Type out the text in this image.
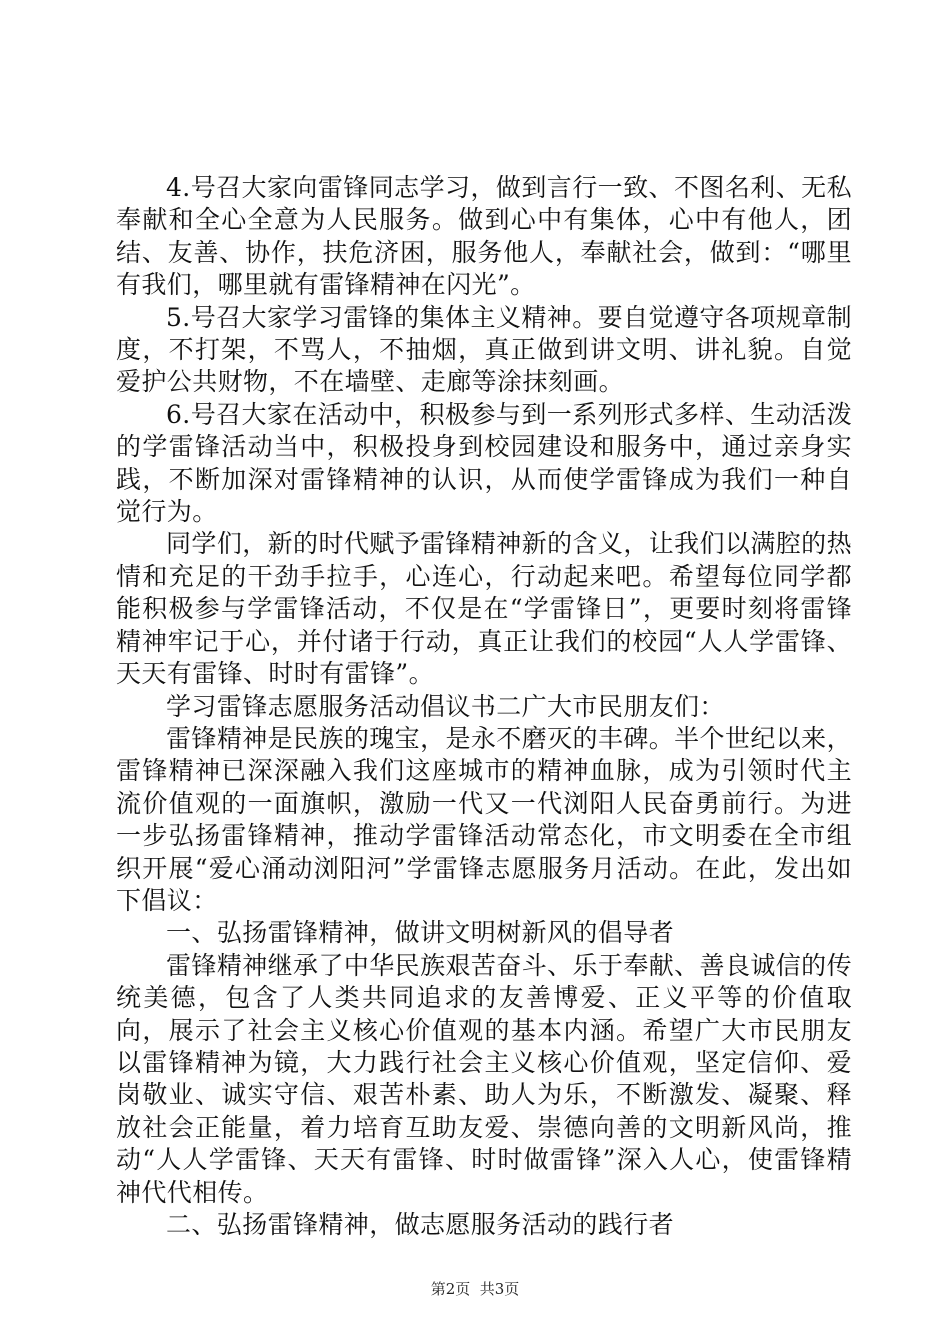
4.号召大家向雷锋同志学习，做到言行一致、不图名利、无私奉献和全心全意为人民服务。做到心中有集体，心中有他人，团结、友善、协作，扶危济困，服务他人，奉献社会，做到：“哪里有我们，哪里就有雷锋精神在闪光”。

5.号召大家学习雷锋的集体主义精神。要自觉遵守各项规章制度，不打架，不骂人，不抽烟，真正做到讲文明、讲礼貌。自觉爱护公共财物，不在墙壁、走廊等涂抹刻画。

6.号召大家在活动中，积极参与到一系列形式多样、生动活泼的学雷锋活动当中，积极投身到校园建设和服务中，通过亲身实践，不断加深对雷锋精神的认识，从而使学雷锋成为我们一种自觉行为。

同学们，新的时代赋予雷锋精神新的含义，让我们以满腔的热情和充足的干劲手拉手，心连心，行动起来吧。希望每位同学都能积极参与学雷锋活动，不仅是在“学雷锋日”，更要时刻将雷锋精神牢记于心，并付诸于行动，真正让我们的校园“人人学雷锋、天天有雷锋、时时有雷锋”。

学习雷锋志愿服务活动倡议书二广大市民朋友们：

雷锋精神是民族的瑰宝，是永不磨灭的丰碑。半个世纪以来，雷锋精神已深深融入我们这座城市的精神血脉，成为引领时代主流价值观的一面旗帜，激励一代又一代浏阳人民奋勇前行。为进一步弘扬雷锋精神，推动学雷锋活动常态化，市文明委在全市组织开展“爱心涌动浏阳河”学雷锋志愿服务月活动。在此，发出如下倡议：

一、弘扬雷锋精神，做讲文明树新风的倡导者

雷锋精神继承了中华民族艰苦奋斗、乐于奉献、善良诚信的传统美德，包含了人类共同追求的友善博爱、正义平等的价值取向，展示了社会主义核心价值观的基本内涵。希望广大市民朋友以雷锋精神为镜，大力践行社会主义核心价值观，坚定信仰、爱岗敬业、诚实守信、艰苦朴素、助人为乐，不断激发、凝聚、释放社会正能量，着力培育互助友爱、崇德向善的文明新风尚，推动“人人学雷锋、天天有雷锋、时时做雷锋”深入人心，使雷锋精神代代相传。

二、弘扬雷锋精神，做志愿服务活动的践行者

第2页  共3页
